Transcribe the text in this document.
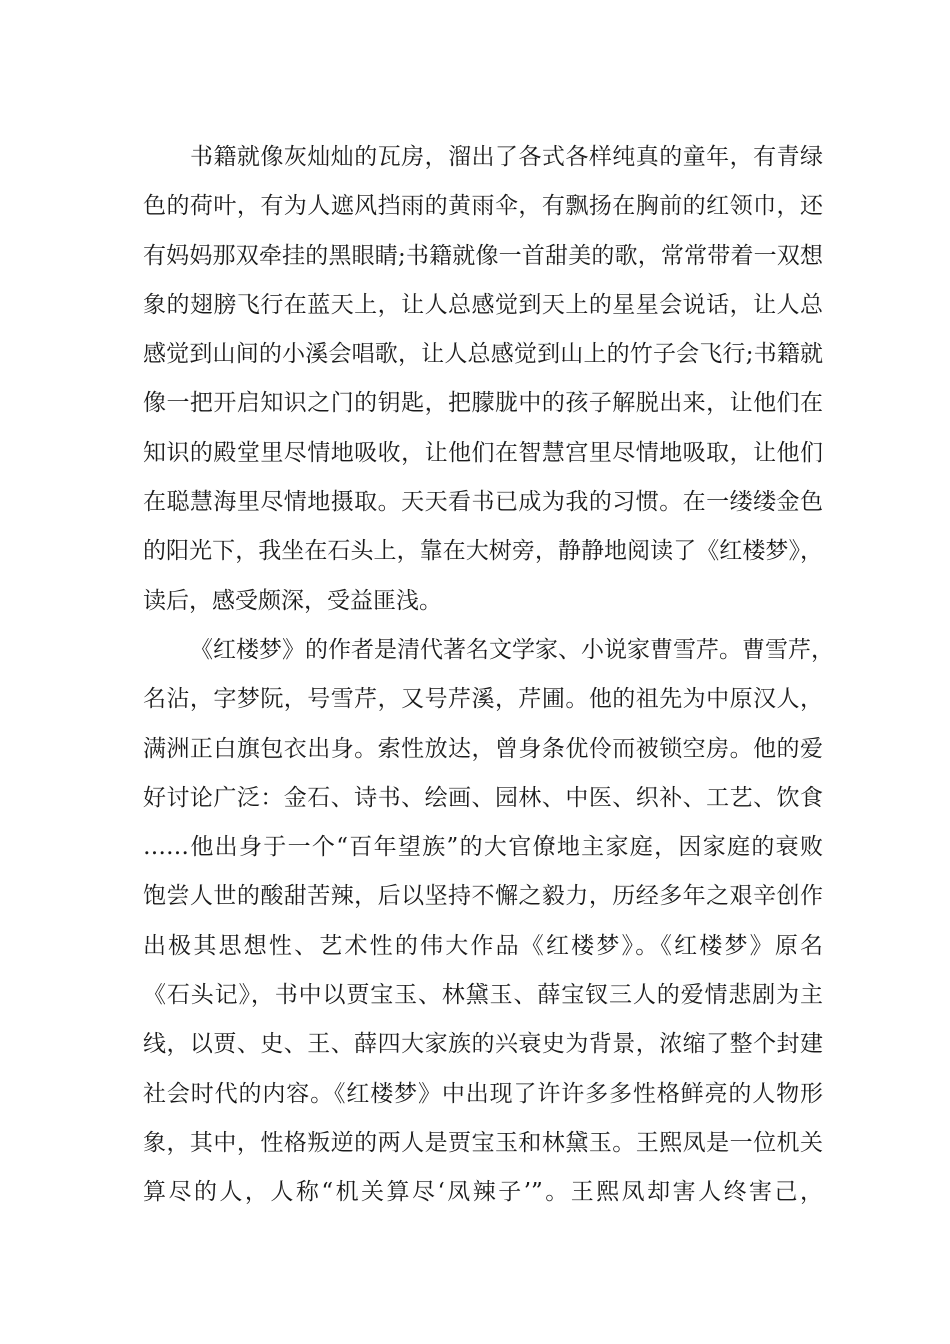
书籍就像灰灿灿的瓦房，溜出了各式各样纯真的童年，有青绿
色的荷叶，有为人遮风挡雨的黄雨伞，有飘扬在胸前的红领巾，还
有妈妈那双牵挂的黑眼睛;书籍就像一首甜美的歌，常常带着一双想
象的翅膀飞行在蓝天上，让人总感觉到天上的星星会说话，让人总
感觉到山间的小溪会唱歌，让人总感觉到山上的竹子会飞行;书籍就
像一把开启知识之门的钥匙，把朦胧中的孩子解脱出来，让他们在
知识的殿堂里尽情地吸收，让他们在智慧宫里尽情地吸取，让他们
在聪慧海里尽情地摄取。天天看书已成为我的习惯。在一缕缕金色
的阳光下，我坐在石头上，靠在大树旁，静静地阅读了《红楼梦》，
读后，感受颇深，受益匪浅。
《红楼梦》的作者是清代著名文学家、小说家曹雪芹。曹雪芹，
名沾，字梦阮，号雪芹，又号芹溪，芹圃。他的祖先为中原汉人，
满洲正白旗包衣出身。索性放达，曾身条优伶而被锁空房。他的爱
好讨论广泛：金石、诗书、绘画、园林、中医、织补、工艺、饮食
……他出身于一个“百年望族”的大官僚地主家庭，因家庭的衰败
饱尝人世的酸甜苦辣，后以坚持不懈之毅力，历经多年之艰辛创作
出极其思想性、艺术性的伟大作品《红楼梦》。《红楼梦》原名
《石头记》，书中以贾宝玉、林黛玉、薛宝钗三人的爱情悲剧为主
线，以贾、史、王、薛四大家族的兴衰史为背景，浓缩了整个封建
社会时代的内容。《红楼梦》中出现了许许多多性格鲜亮的人物形
象，其中，性格叛逆的两人是贾宝玉和林黛玉。王熙凤是一位机关
算尽的人，人称“机关算尽‘凤辣子’”。王熙凤却害人终害己，
